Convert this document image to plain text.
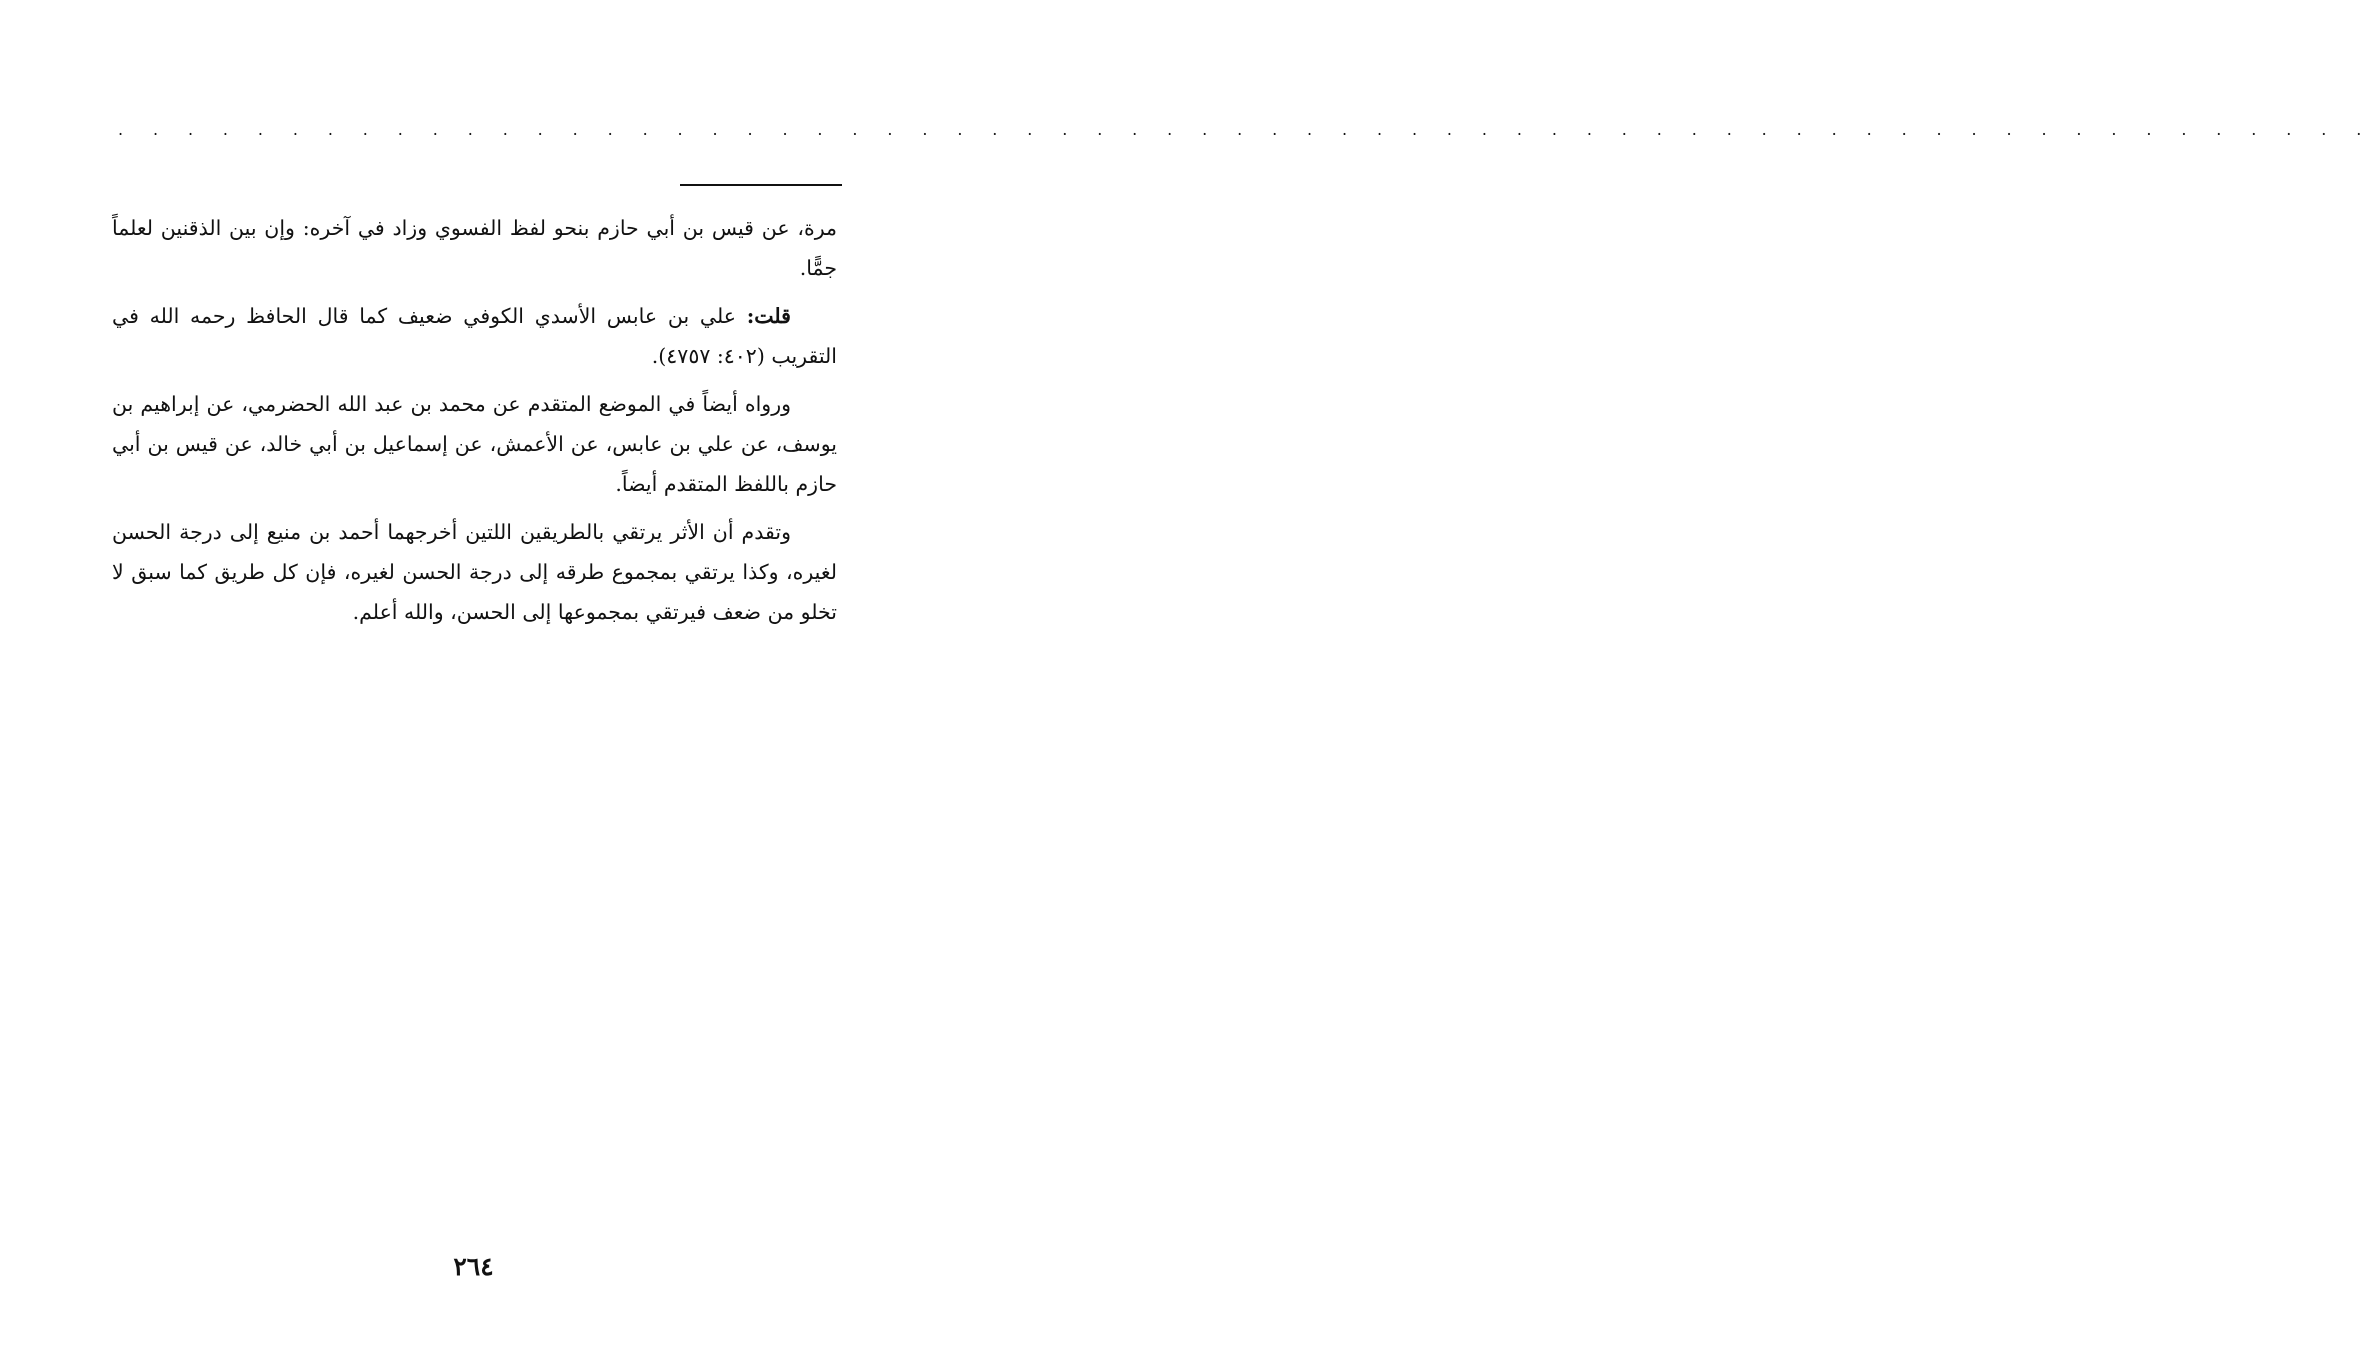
. . . . . . . . . . . . . . . . . . . . . . . . . . . . . . . . . . . . . . . . . . . . . . . . . . . . . . . . . . . . . . . . .

مرة، عن قيس بن أبي حازم بنحو لفظ الفسوي وزاد في آخره: وإن بين الذقنين لعلماً جمًّا.

قلت: علي بن عابس الأسدي الكوفي ضعيف كما قال الحافظ رحمه الله في التقريب (٤٠٢: ٤٧٥٧).

ورواه أيضاً في الموضع المتقدم عن محمد بن عبد الله الحضرمي، عن إبراهيم بن يوسف، عن علي بن عابس، عن الأعمش، عن إسماعيل بن أبي خالد، عن قيس بن أبي حازم باللفظ المتقدم أيضاً.

وتقدم أن الأثر يرتقي بالطريقين اللتين أخرجهما أحمد بن منيع إلى درجة الحسن لغيره، وكذا يرتقي بمجموع طرقه إلى درجة الحسن لغيره، فإن كل طريق كما سبق لا تخلو من ضعف فيرتقي بمجموعها إلى الحسن، والله أعلم.

٢٦٤
